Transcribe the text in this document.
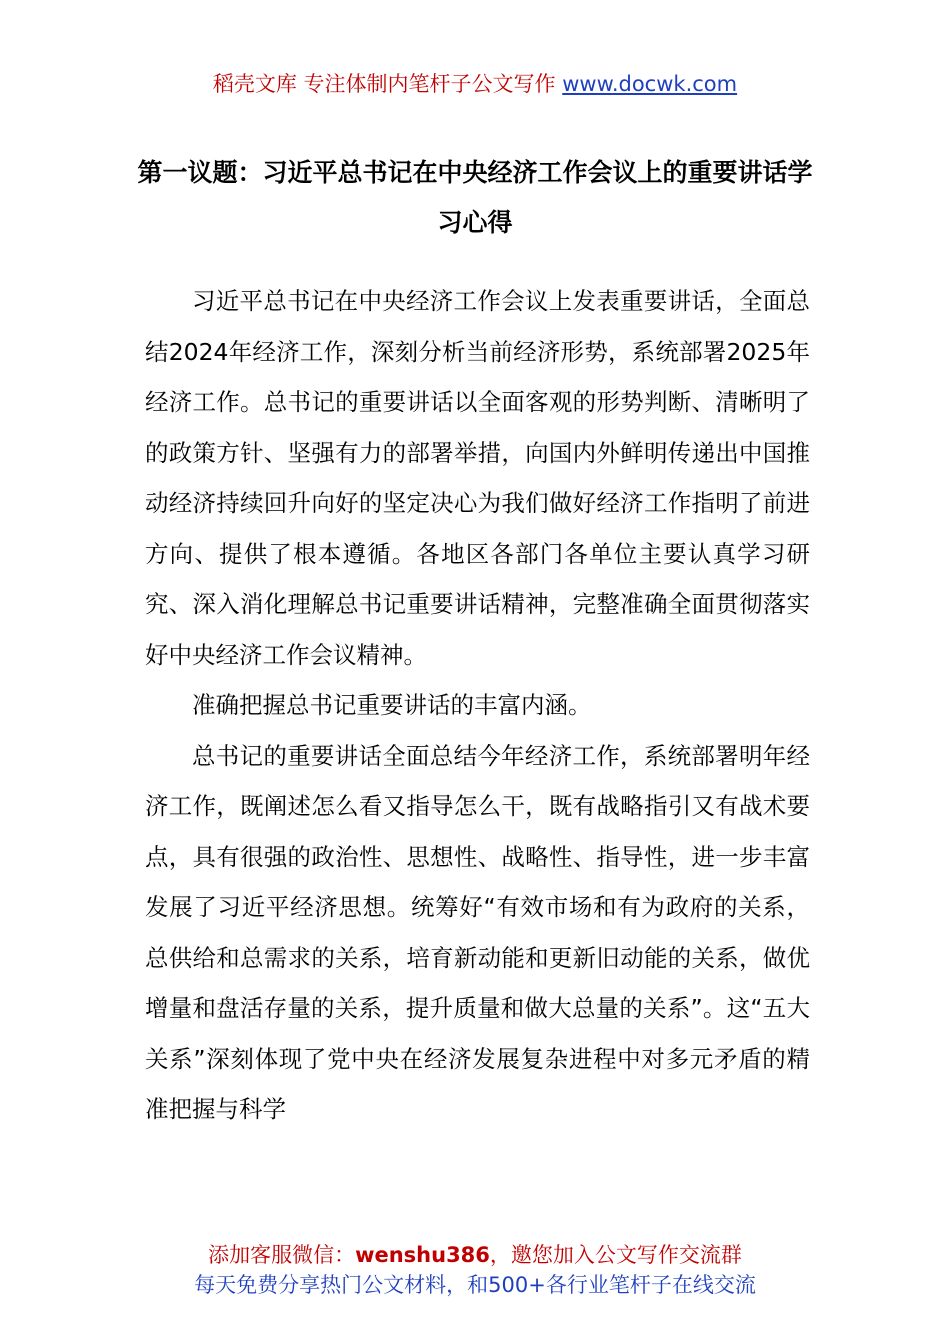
稻壳文库 专注体制内笔杆子公文写作 www.docwk.com
第一议题：习近平总书记在中央经济工作会议上的重要讲话学习心得

习近平总书记在中央经济工作会议上发表重要讲话，全面总结2024年经济工作，深刻分析当前经济形势，系统部署2025年经济工作。总书记的重要讲话以全面客观的形势判断、清晰明了的政策方针、坚强有力的部署举措，向国内外鲜明传递出中国推动经济持续回升向好的坚定决心为我们做好经济工作指明了前进方向、提供了根本遵循。各地区各部门各单位主要认真学习研究、深入消化理解总书记重要讲话精神，完整准确全面贯彻落实好中央经济工作会议精神。

准确把握总书记重要讲话的丰富内涵。

总书记的重要讲话全面总结今年经济工作，系统部署明年经济工作，既阐述怎么看又指导怎么干，既有战略指引又有战术要点，具有很强的政治性、思想性、战略性、指导性，进一步丰富发展了习近平经济思想。统筹好“有效市场和有为政府的关系，总供给和总需求的关系，培育新动能和更新旧动能的关系，做优增量和盘活存量的关系，提升质量和做大总量的关系”。这“五大关系”深刻体现了党中央在经济发展复杂进程中对多元矛盾的精准把握与科学

添加客服微信：wenshu386，邀您加入公文写作交流群
每天免费分享热门公文材料，和500+各行业笔杆子在线交流
